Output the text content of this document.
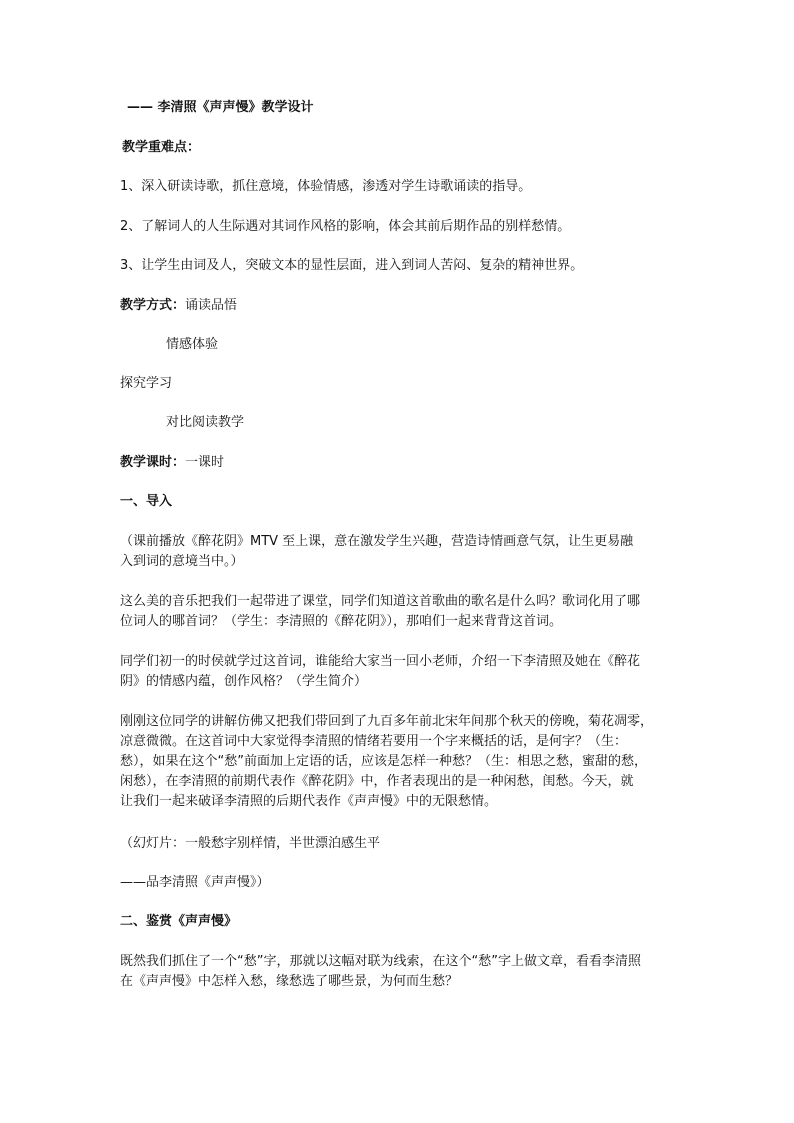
—— 李清照《声声慢》教学设计
教学重难点：
1、深入研读诗歌，抓住意境，体验情感，渗透对学生诗歌诵读的指导。
2、了解词人的人生际遇对其词作风格的影响，体会其前后期作品的别样愁情。
3、让学生由词及人，突破文本的显性层面，进入到词人苦闷、复杂的精神世界。
教学方式：诵读品悟
情感体验
探究学习
对比阅读教学
教学课时：一课时
一、导入
（课前播放《醉花阴》MTV 至上课，意在激发学生兴趣，营造诗情画意气氛，让生更易融
入到词的意境当中。）
这么美的音乐把我们一起带进了课堂，同学们知道这首歌曲的歌名是什么吗？歌词化用了哪
位词人的哪首词？（学生：李清照的《醉花阴》），那咱们一起来背背这首词。
同学们初一的时侯就学过这首词，谁能给大家当一回小老师，介绍一下李清照及她在《醉花
阴》的情感内蕴，创作风格？（学生简介）
刚刚这位同学的讲解仿佛又把我们带回到了九百多年前北宋年间那个秋天的傍晚，菊花凋零，
凉意微微。在这首词中大家觉得李清照的情绪若要用一个字来概括的话，是何字？（生：
愁），如果在这个“愁”前面加上定语的话，应该是怎样一种愁？（生：相思之愁，蜜甜的愁，
闲愁），在李清照的前期代表作《醉花阴》中，作者表现出的是一种闲愁，闺愁。今天，就
让我们一起来破译李清照的后期代表作《声声慢》中的无限愁情。
（幻灯片：一般愁字别样情，半世漂泊感生平
——品李清照《声声慢》）
二、鉴赏《声声慢》
既然我们抓住了一个“愁”字，那就以这幅对联为线索，在这个“愁”字上做文章，看看李清照
在《声声慢》中怎样入愁，缘愁选了哪些景，为何而生愁？
